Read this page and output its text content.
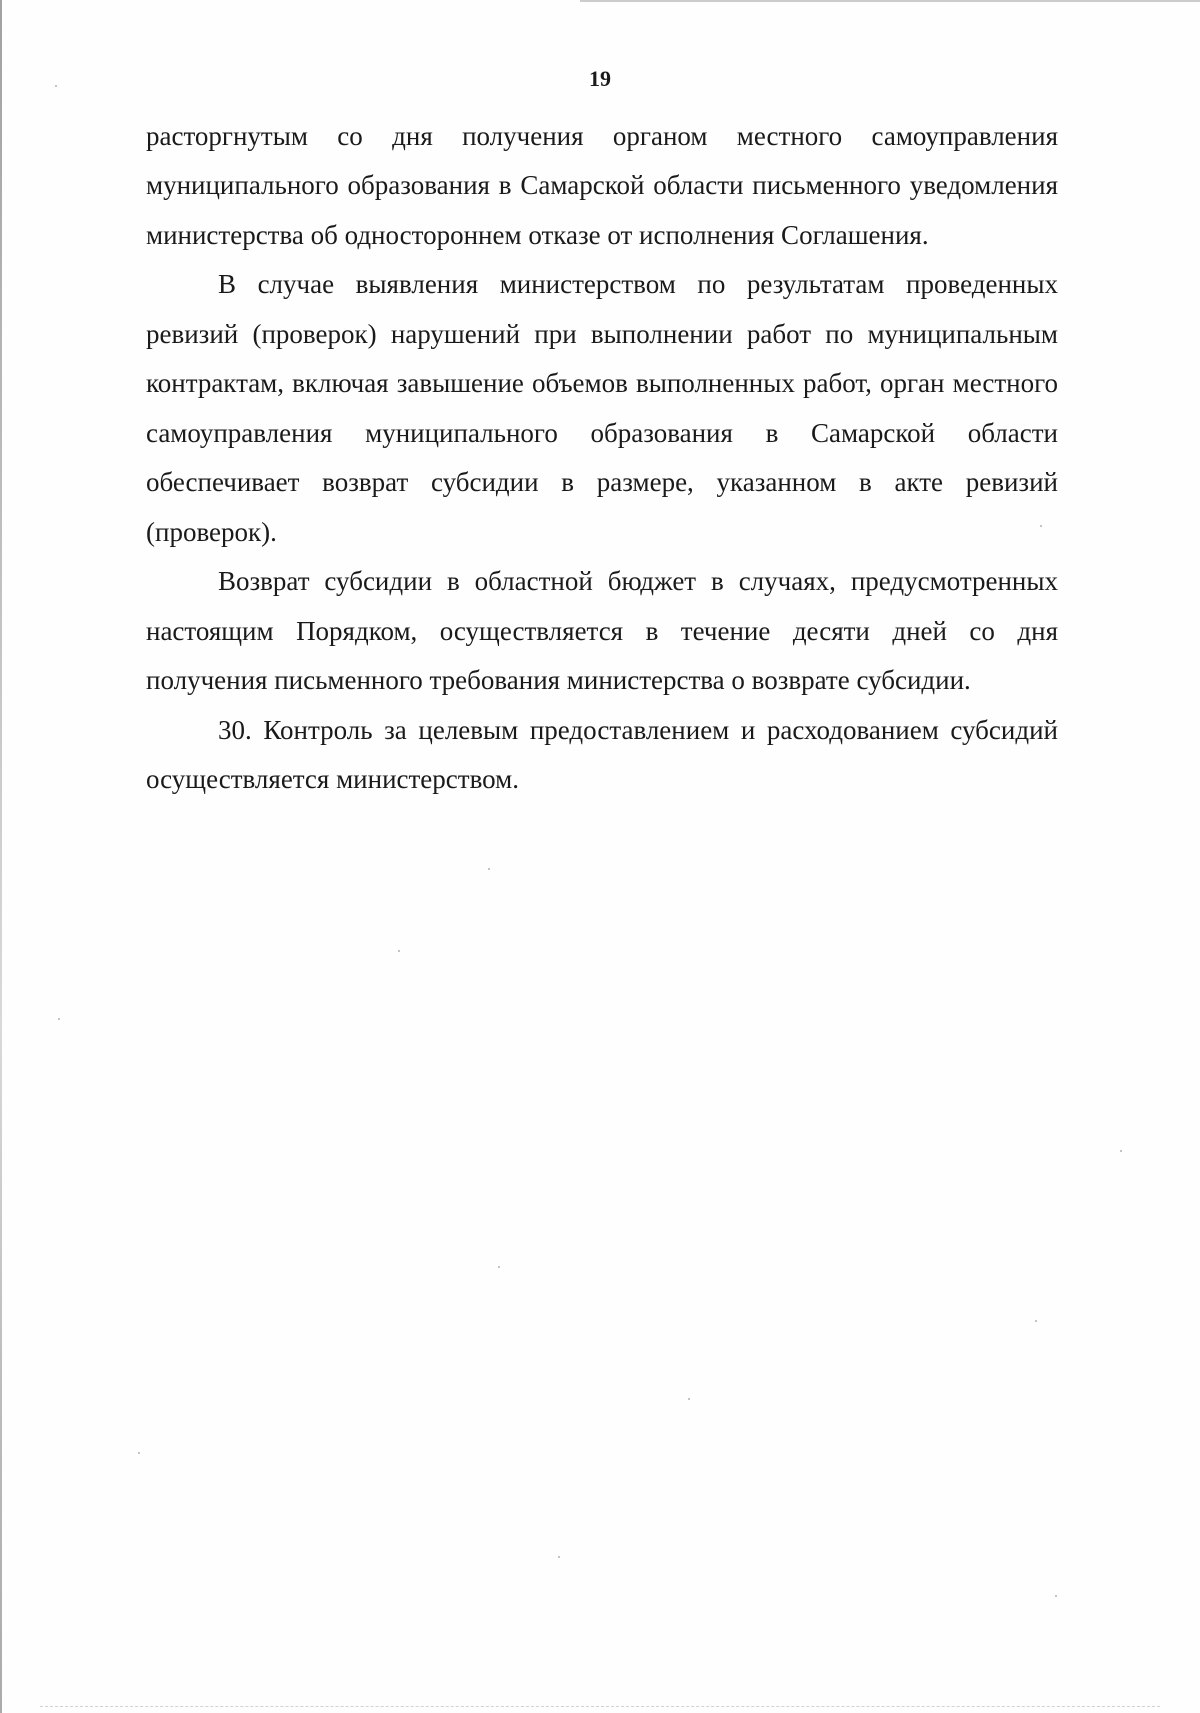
19

расторгнутым со дня получения органом местного самоуправления муниципального образования в Самарской области письменного уведомления министерства об одностороннем отказе от исполнения Соглашения.

В случае выявления министерством по результатам проведенных ревизий (проверок) нарушений при выполнении работ по муниципальным контрактам, включая завышение объемов выполненных работ, орган местного самоуправления муниципального образования в Самарской области обеспечивает возврат субсидии в размере, указанном в акте ревизий (проверок).

Возврат субсидии в областной бюджет в случаях, предусмотренных настоящим Порядком, осуществляется в течение десяти дней со дня получения письменного требования министерства о возврате субсидии.

30. Контроль за целевым предоставлением и расходованием субсидий осуществляется министерством.
